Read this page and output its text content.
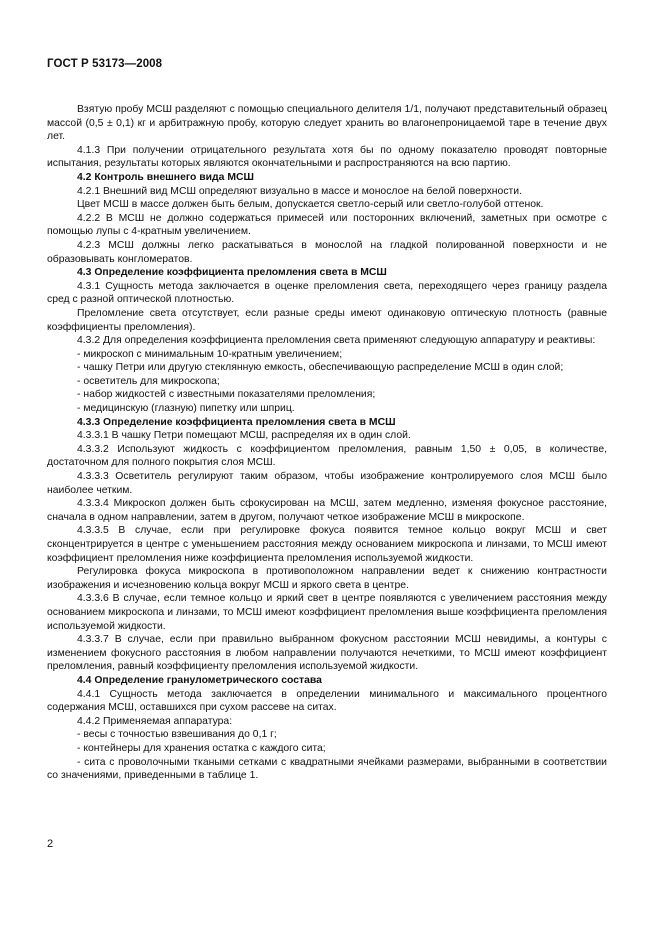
ГОСТ Р 53173—2008

Взятую пробу МСШ разделяют с помощью специального делителя 1/1, получают представительный образец массой (0,5 ± 0,1) кг и арбитражную пробу, которую следует хранить во влагонепроницаемой таре в течение двух лет.

4.1.3 При получении отрицательного результата хотя бы по одному показателю проводят повторные испытания, результаты которых являются окончательными и распространяются на всю партию.

4.2 Контроль внешнего вида МСШ

4.2.1 Внешний вид МСШ определяют визуально в массе и монослое на белой поверхности.

Цвет МСШ в массе должен быть белым, допускается светло-серый или светло-голубой оттенок.

4.2.2 В МСШ не должно содержаться примесей или посторонних включений, заметных при осмотре с помощью лупы с 4-кратным увеличением.

4.2.3 МСШ должны легко раскатываться в монослой на гладкой полированной поверхности и не образовывать конгломератов.

4.3 Определение коэффициента преломления света в МСШ

4.3.1 Сущность метода заключается в оценке преломления света, переходящего через границу раздела сред с разной оптической плотностью.

Преломление света отсутствует, если разные среды имеют одинаковую оптическую плотность (равные коэффициенты преломления).

4.3.2 Для определения коэффициента преломления света применяют следующую аппаратуру и реактивы:

- микроскоп с минимальным 10-кратным увеличением;

- чашку Петри или другую стеклянную емкость, обеспечивающую распределение МСШ в один слой;

- осветитель для микроскопа;

- набор жидкостей с известными показателями преломления;

- медицинскую (глазную) пипетку или шприц.

4.3.3 Определение коэффициента преломления света в МСШ

4.3.3.1 В чашку Петри помещают МСШ, распределяя их в один слой.

4.3.3.2 Используют жидкость с коэффициентом преломления, равным 1,50 ± 0,05, в количестве, достаточном для полного покрытия слоя МСШ.

4.3.3.3 Осветитель регулируют таким образом, чтобы изображение контролируемого слоя МСШ было наиболее четким.

4.3.3.4 Микроскоп должен быть сфокусирован на МСШ, затем медленно, изменяя фокусное расстояние, сначала в одном направлении, затем в другом, получают четкое изображение МСШ в микроскопе.

4.3.3.5 В случае, если при регулировке фокуса появится темное кольцо вокруг МСШ и свет сконцентрируется в центре с уменьшением расстояния между основанием микроскопа и линзами, то МСШ имеют коэффициент преломления ниже коэффициента преломления используемой жидкости.

Регулировка фокуса микроскопа в противоположном направлении ведет к снижению контрастности изображения и исчезновению кольца вокруг МСШ и яркого света в центре.

4.3.3.6 В случае, если темное кольцо и яркий свет в центре появляются с увеличением расстояния между основанием микроскопа и линзами, то МСШ имеют коэффициент преломления выше коэффициента преломления используемой жидкости.

4.3.3.7 В случае, если при правильно выбранном фокусном расстоянии МСШ невидимы, а контуры с изменением фокусного расстояния в любом направлении получаются нечеткими, то МСШ имеют коэффициент преломления, равный коэффициенту преломления используемой жидкости.

4.4 Определение гранулометрического состава

4.4.1 Сущность метода заключается в определении минимального и максимального процентного содержания МСШ, оставшихся при сухом рассеве на ситах.

4.4.2 Применяемая аппаратура:

- весы с точностью взвешивания до 0,1 г;

- контейнеры для хранения остатка с каждого сита;

- сита с проволочными ткаными сетками с квадратными ячейками размерами, выбранными в соответствии со значениями, приведенными в таблице 1.

2
